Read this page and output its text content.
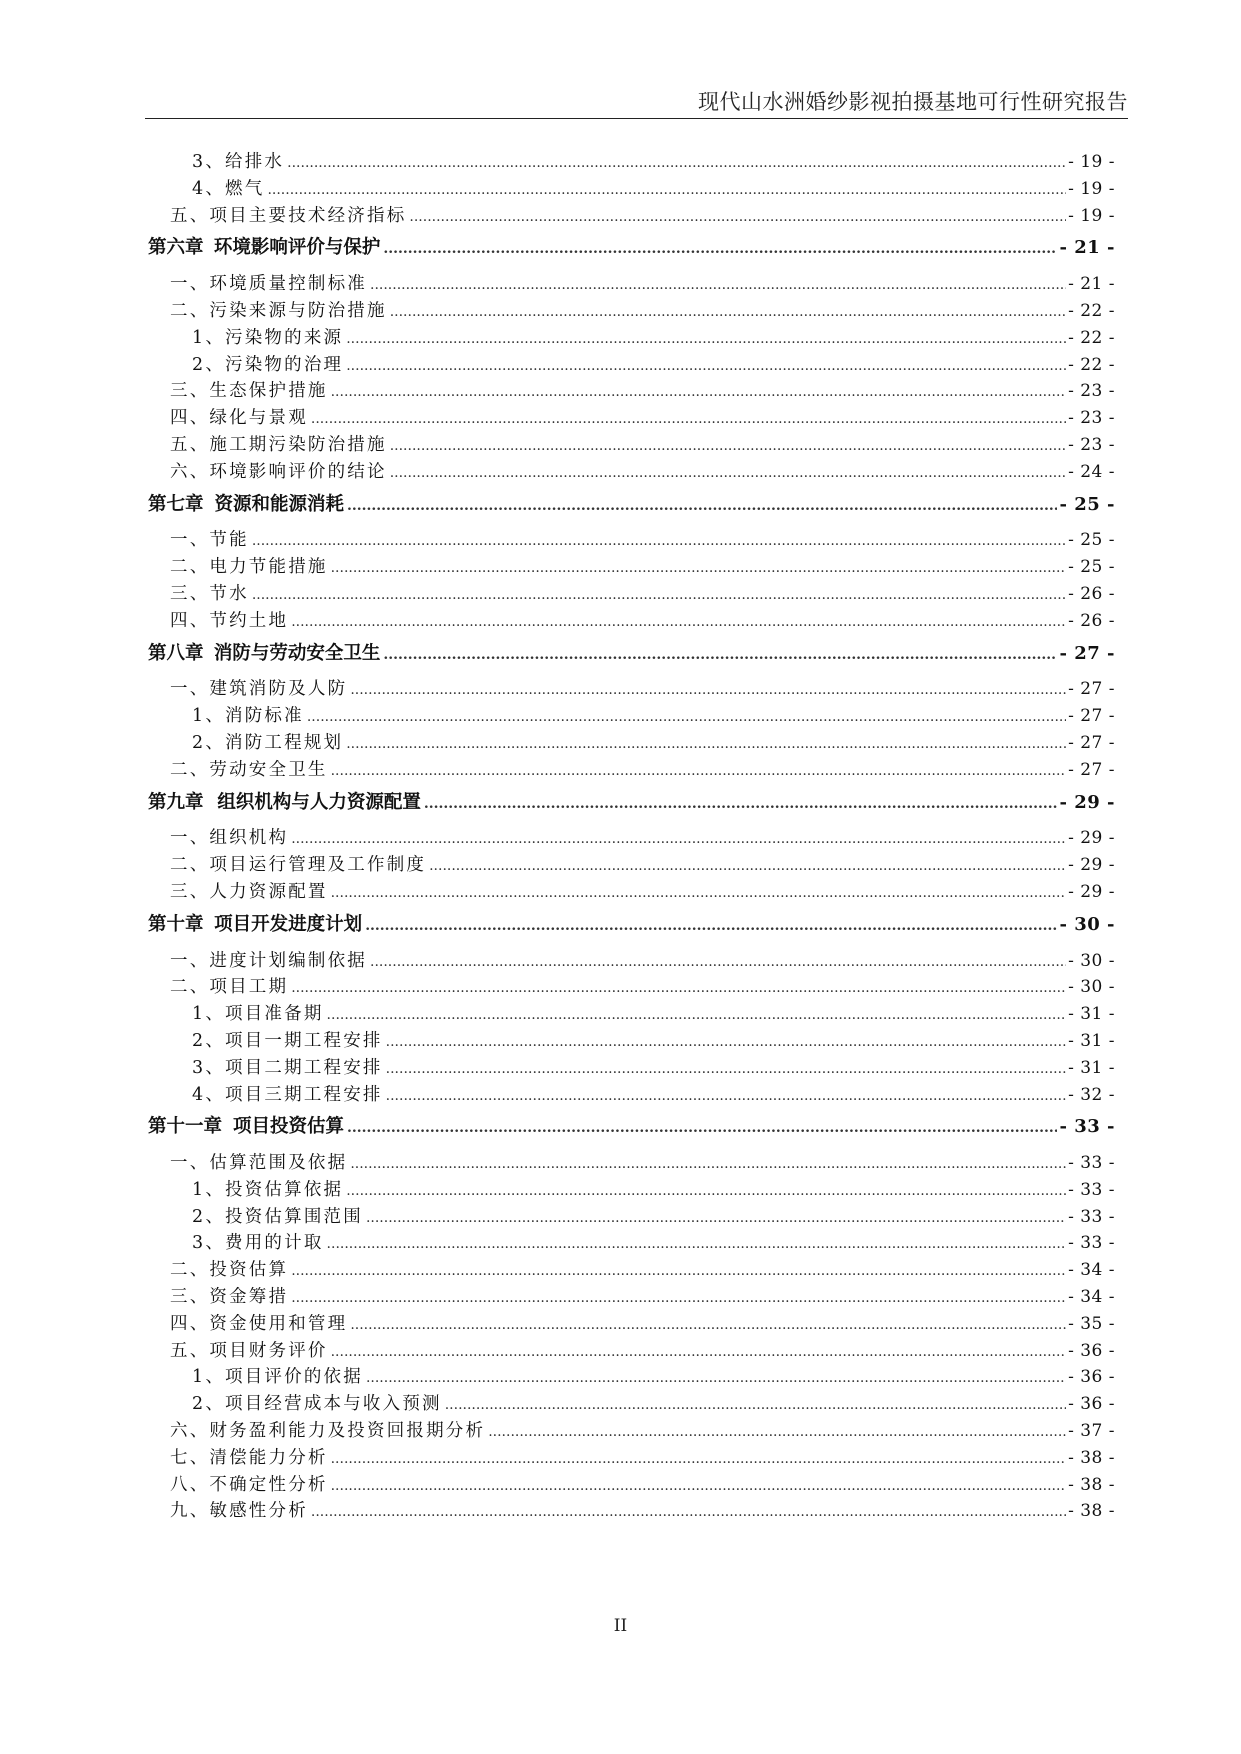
现代山水洲婚纱影视拍摄基地可行性研究报告
3、给排水 .....	- 19 -
4、燃气 .....	- 19 -
五、项目主要技术经济指标 .....	- 19 -
第六章 环境影响评价与保护 .....	- 21 -
一、环境质量控制标准 .....	- 21 -
二、污染来源与防治措施 .....	- 22 -
1、污染物的来源 .....	- 22 -
2、污染物的治理 .....	- 22 -
三、生态保护措施 .....	- 23 -
四、绿化与景观 .....	- 23 -
五、施工期污染防治措施 .....	- 23 -
六、环境影响评价的结论 .....	- 24 -
第七章 资源和能源消耗 .....	- 25 -
一、节能 .....	- 25 -
二、电力节能措施 .....	- 25 -
三、节水 .....	- 26 -
四、节约土地 .....	- 26 -
第八章 消防与劳动安全卫生 .....	- 27 -
一、建筑消防及人防 .....	- 27 -
1、消防标准 .....	- 27 -
2、消防工程规划 .....	- 27 -
二、劳动安全卫生 .....	- 27 -
第九章 组织机构与人力资源配置 .....	- 29 -
一、组织机构 .....	- 29 -
二、项目运行管理及工作制度 .....	- 29 -
三、人力资源配置 .....	- 29 -
第十章 项目开发进度计划 .....	- 30 -
一、进度计划编制依据 .....	- 30 -
二、项目工期 .....	- 30 -
1、项目准备期 .....	- 31 -
2、项目一期工程安排 .....	- 31 -
3、项目二期工程安排 .....	- 31 -
4、项目三期工程安排 .....	- 32 -
第十一章 项目投资估算 .....	- 33 -
一、估算范围及依据 .....	- 33 -
1、投资估算依据 .....	- 33 -
2、投资估算围范围 .....	- 33 -
3、费用的计取 .....	- 33 -
二、投资估算 .....	- 34 -
三、资金筹措 .....	- 34 -
四、资金使用和管理 .....	- 35 -
五、项目财务评价 .....	- 36 -
1、项目评价的依据 .....	- 36 -
2、项目经营成本与收入预测 .....	- 36 -
六、财务盈利能力及投资回报期分析 .....	- 37 -
七、清偿能力分析 .....	- 38 -
八、不确定性分析 .....	- 38 -
九、敏感性分析 .....	- 38 -
II
